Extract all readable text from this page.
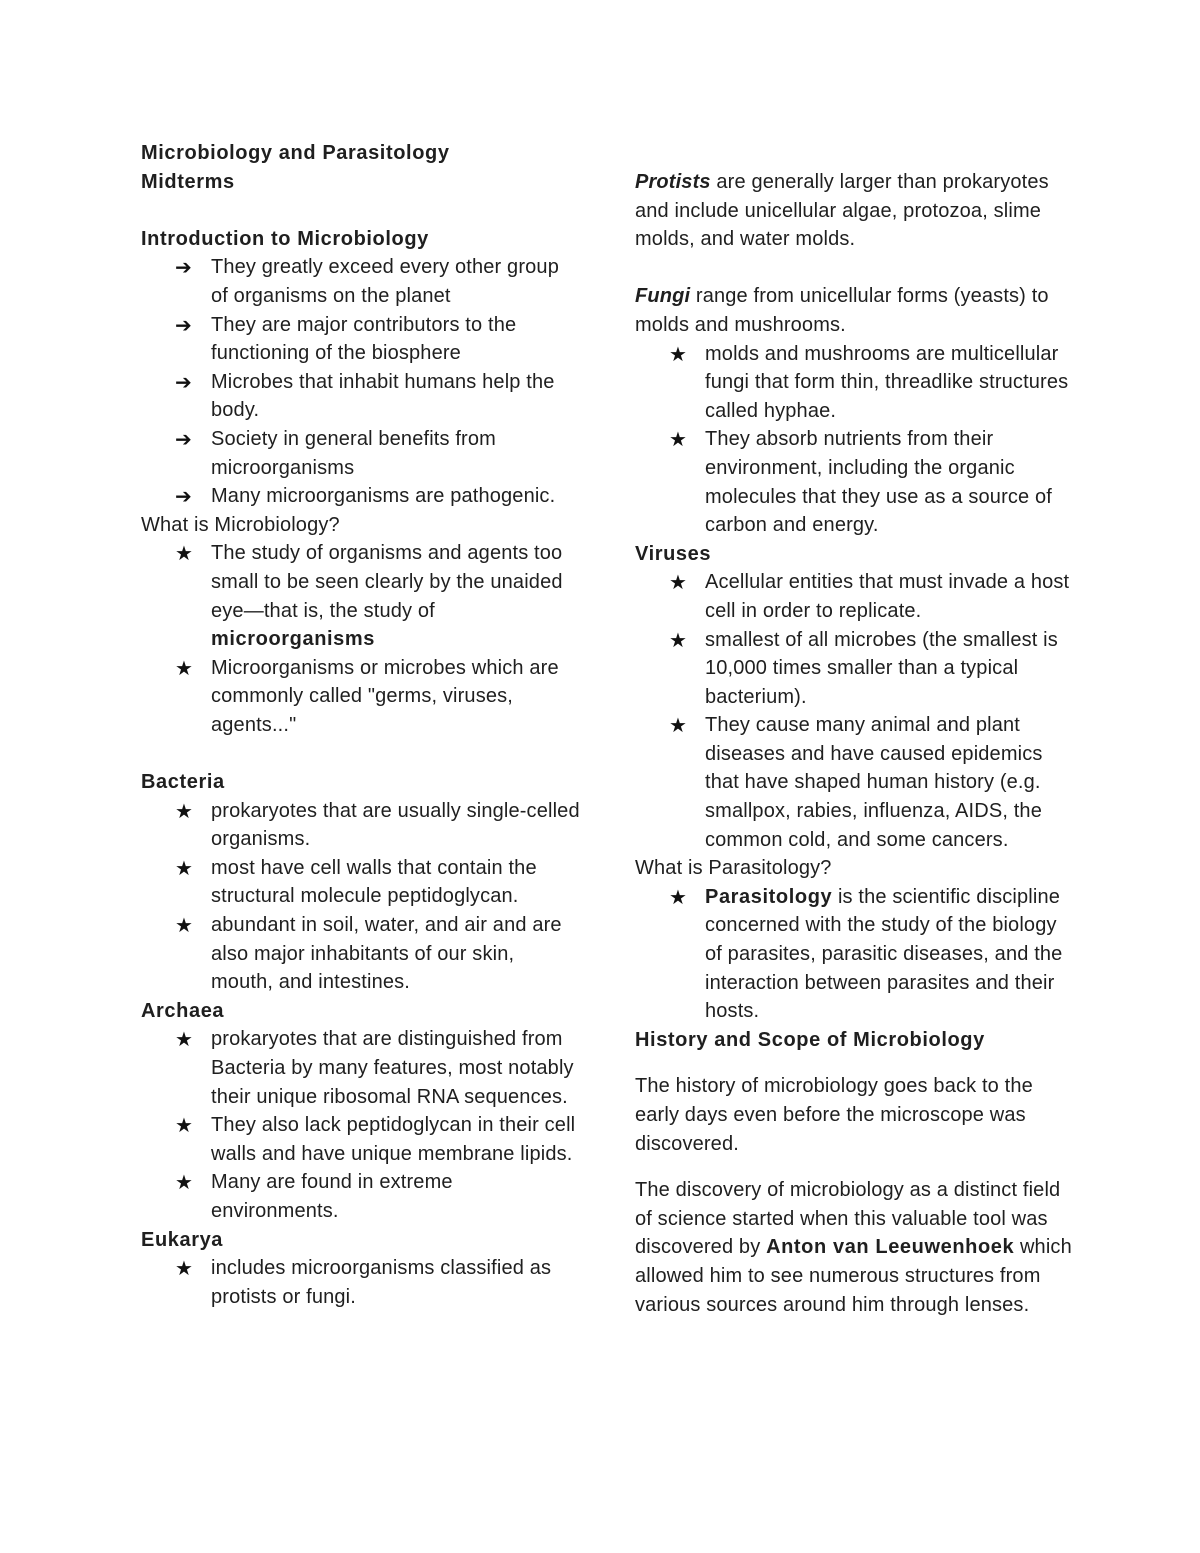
Microbiology and Parasitology

Midterms

Introduction to Microbiology

➔ They greatly exceed every other group of organisms on the planet
➔ They are major contributors to the functioning of the biosphere
➔ Microbes that inhabit humans help the body.
➔ Society in general benefits from microorganisms
➔ Many microorganisms are pathogenic.

What is Microbiology?

★ The study of organisms and agents too small to be seen clearly by the unaided eye—that is, the study of microorganisms
★ Microorganisms or microbes which are commonly called "germs, viruses, agents..."

Bacteria

★ prokaryotes that are usually single-celled organisms.
★ most have cell walls that contain the structural molecule peptidoglycan.
★ abundant in soil, water, and air and are also major inhabitants of our skin, mouth, and intestines.

Archaea

★ prokaryotes that are distinguished from Bacteria by many features, most notably their unique ribosomal RNA sequences.
★ They also lack peptidoglycan in their cell walls and have unique membrane lipids.
★ Many are found in extreme environments.

Eukarya

★ includes microorganisms classified as protists or fungi.

Protists are generally larger than prokaryotes and include unicellular algae, protozoa, slime molds, and water molds.

Fungi range from unicellular forms (yeasts) to molds and mushrooms.

★ molds and mushrooms are multicellular fungi that form thin, threadlike structures called hyphae.
★ They absorb nutrients from their environment, including the organic molecules that they use as a source of carbon and energy.

Viruses

★ Acellular entities that must invade a host cell in order to replicate.
★ smallest of all microbes (the smallest is 10,000 times smaller than a typical bacterium).
★ They cause many animal and plant diseases and have caused epidemics that have shaped human history (e.g. smallpox, rabies, influenza, AIDS, the common cold, and some cancers.

What is Parasitology?

★ Parasitology is the scientific discipline concerned with the study of the biology of parasites, parasitic diseases, and the interaction between parasites and their hosts.

History and Scope of Microbiology

The history of microbiology goes back to the early days even before the microscope was discovered.

The discovery of microbiology as a distinct field of science started when this valuable tool was discovered by Anton van Leeuwenhoek which allowed him to see numerous structures from various sources around him through lenses.
